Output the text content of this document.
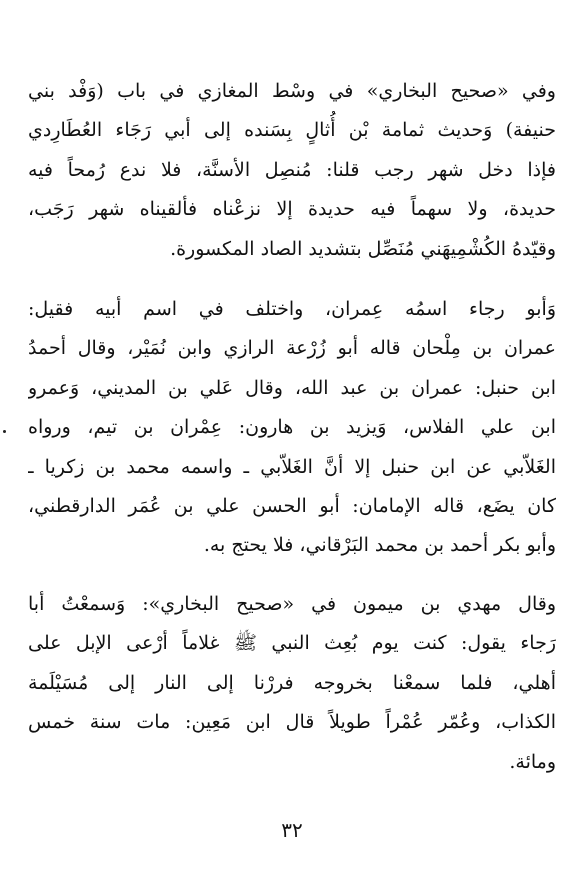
وفي «صحيح البخاري» في وسْط المغازي في باب (وَفْد بني
حنيفة) وَحديث ثمامة بْن أُثالٍ بِسَنده إلى أبي رَجَاء العُطَارِدي
فإذا دخل شهر رجب قلنا: مُنصِل الأسنَّة، فلا ندع رُمحاً فيه
حديدة، ولا سهماً فيه حديدة إلا نزعْناه فألقيناه شهر رَجَب،
وقيّدهُ الكُشْمِيهَني مُنَصِّل بتشديد الصاد المكسورة.
وَأبو رجاء اسمُه عِمران، واختلف في اسم أبيه فقيل:
عمران بن مِلْحان قاله أبو زُرْعة الرازي وابن نُمَيْر، وقال أحمدُ
ابن حنبل: عمران بن عبد الله، وقال عَلي بن المديني، وَعمرو
ابن علي الفلاس، وَيزيد بن هارون: عِمْران بن تيم، ورواه
الغَلاّبي عن ابن حنبل إلا أنَّ الغَلاّبي ـ واسمه محمد بن زكريا ـ
كان يضَع، قاله الإمامان: أبو الحسن علي بن عُمَر الدارقطني،
وأبو بكر أحمد بن محمد البَرْقاني، فلا يحتج به.
وقال مهدي بن ميمون في «صحيح البخاري»: وَسمعْتُ أبا
رَجاء يقول: كنت يوم بُعِث النبي ﷺ غلاماً أرْعى الإبل على
أهلي، فلما سمعْنا بخروجه فررْنا إلى النار إلى مُسَيْلَمة
الكذاب، وعُمّر عُمْراً طويلاً قال ابن مَعِين: مات سنة خمس
ومائة.
٣٢
